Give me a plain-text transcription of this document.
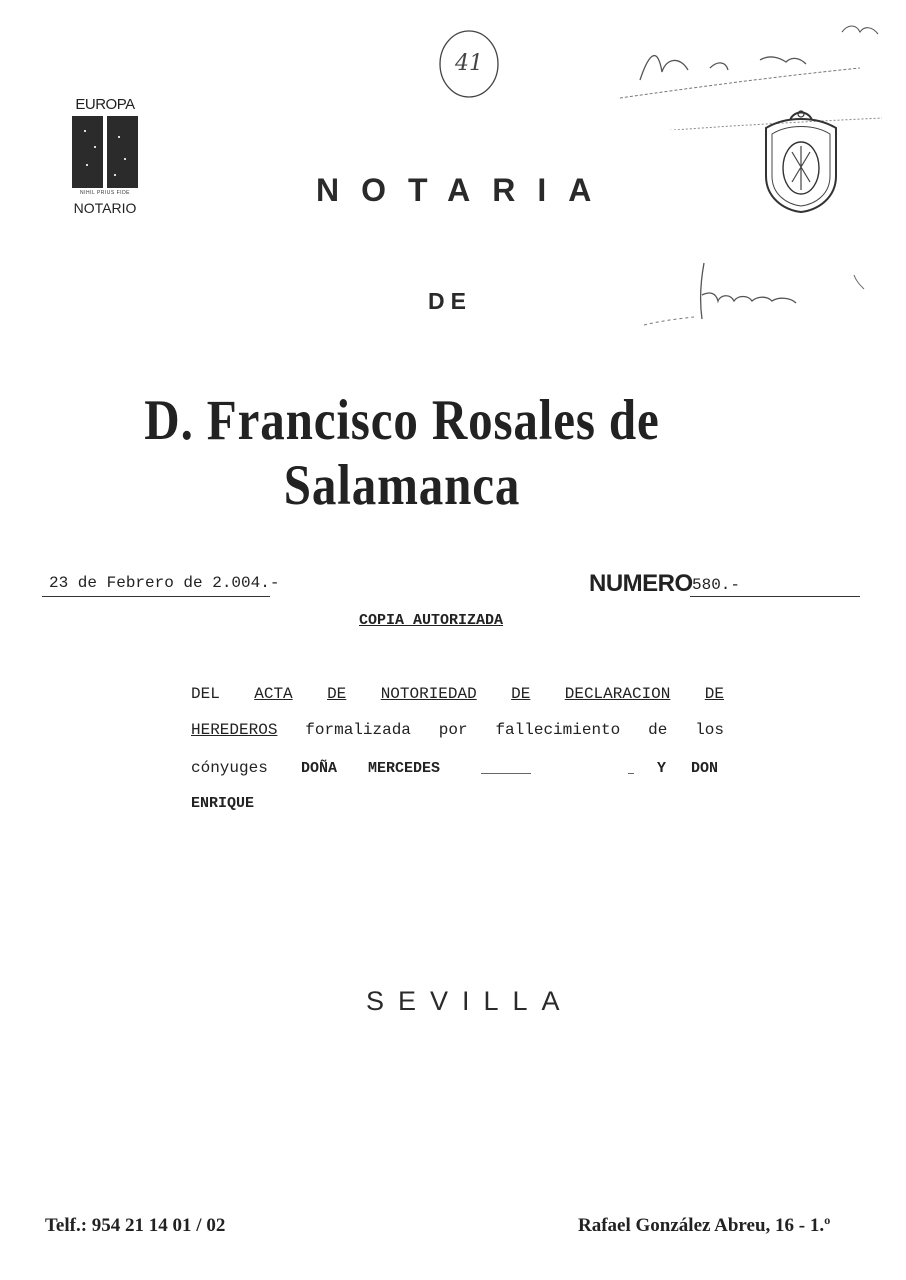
EUROPA
NIHIL PRIUS FIDE
NOTARIO
41
NOTARIA
DE
D. Francisco Rosales de Salamanca
23 de Febrero de 2.004.-	NUMERO 580.-
COPIA AUTORIZADA
DEL ACTA DE NOTORIEDAD DE DECLARACION DE
HEREDEROS formalizada por fallecimiento de los
cónyuges DOÑA MERCEDES	Y DON
ENRIQUE
SEVILLA
Telf.: 954 21 14 01 / 02	Rafael González Abreu, 16 - 1.º
